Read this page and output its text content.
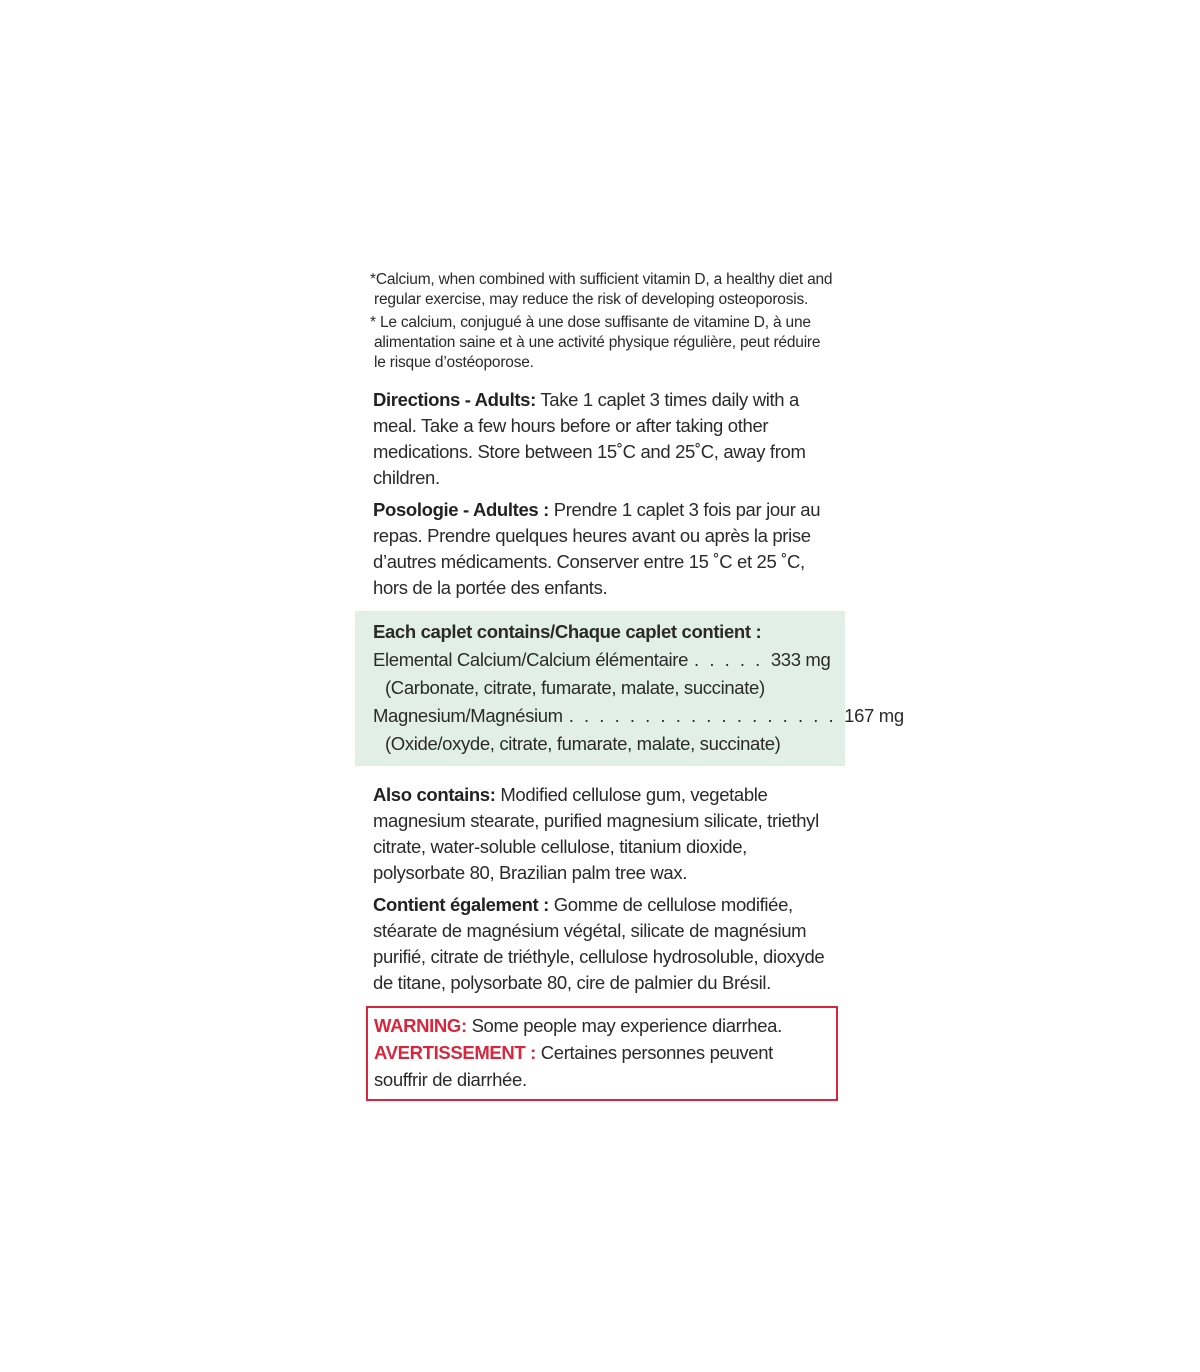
*Calcium, when combined with sufficient vitamin D, a healthy diet and regular exercise, may reduce the risk of developing osteoporosis.

* Le calcium, conjugué à une dose suffisante de vitamine D, à une alimentation saine et à une activité physique régulière, peut réduire le risque d’ostéoporose.

Directions - Adults: Take 1 caplet 3 times daily with a meal. Take a few hours before or after taking other medications. Store between 15˚C and 25˚C, away from children.

Posologie - Adultes : Prendre 1 caplet 3 fois par jour au repas. Prendre quelques heures avant ou après la prise d’autres médicaments. Conserver entre 15 ˚C et 25 ˚C, hors de la portée des enfants.

Each caplet contains/Chaque caplet contient :
Elemental Calcium/Calcium élémentaire . . . . . 333 mg
(Carbonate, citrate, fumarate, malate, succinate)
Magnesium/Magnésium . . . . . . . . . . . . . . . . . . 167 mg
(Oxide/oxyde, citrate, fumarate, malate, succinate)

Also contains: Modified cellulose gum, vegetable magnesium stearate, purified magnesium silicate, triethyl citrate, water-soluble cellulose, titanium dioxide, polysorbate 80, Brazilian palm tree wax.

Contient également : Gomme de cellulose modifiée, stéarate de magnésium végétal, silicate de magnésium purifié, citrate de triéthyle, cellulose hydrosoluble, dioxyde de titane, polysorbate 80, cire de palmier du Brésil.

WARNING: Some people may experience diarrhea.
AVERTISSEMENT : Certaines personnes peuvent souffrir de diarrhée.
